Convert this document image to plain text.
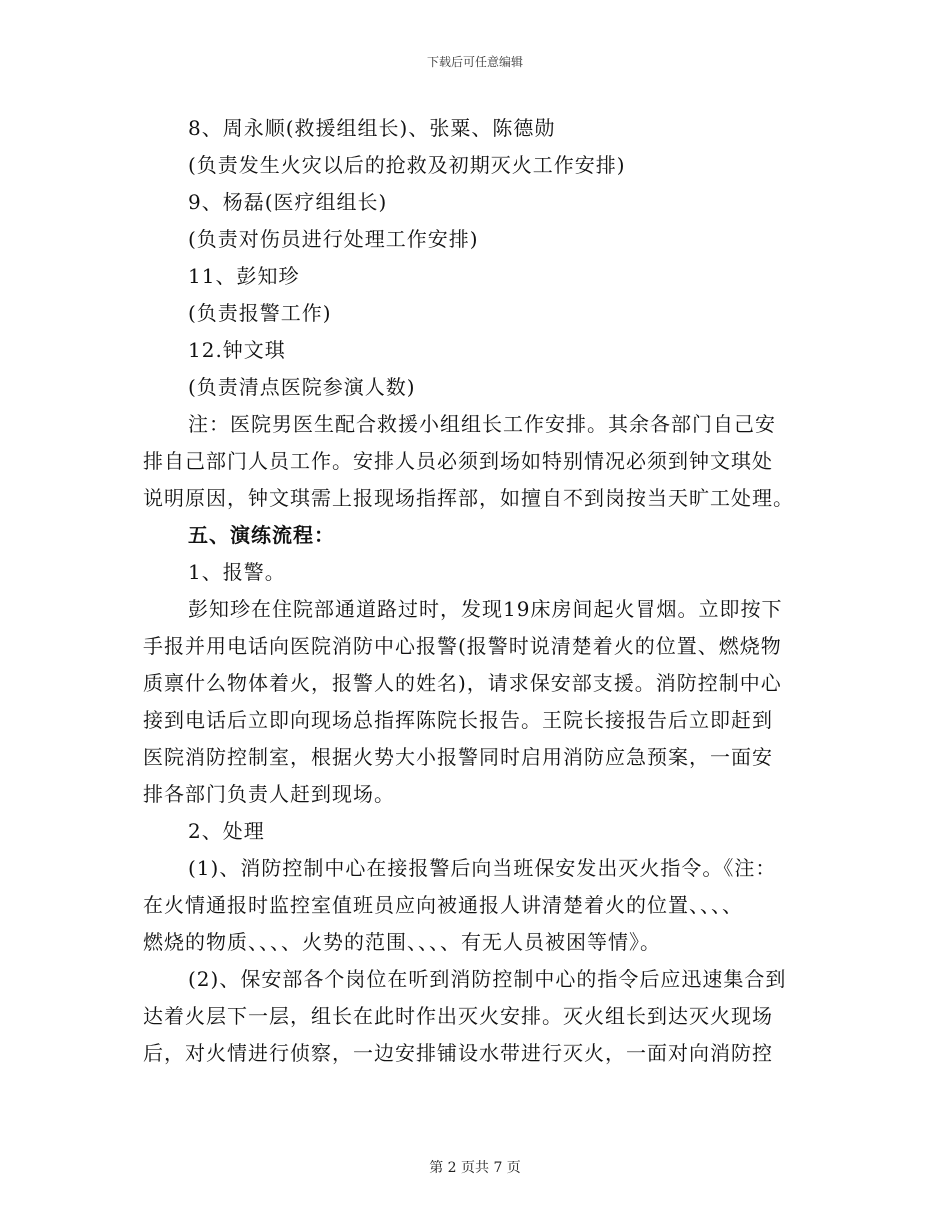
下载后可任意编辑
8、周永顺(救援组组长)、张粟、陈德勋
(负责发生火灾以后的抢救及初期灭火工作安排)
9、杨磊(医疗组组长)
(负责对伤员进行处理工作安排)
11、彭知珍
(负责报警工作)
12.钟文琪
(负责清点医院参演人数)
注：医院男医生配合救援小组组长工作安排。其余各部门自己安
排自己部门人员工作。安排人员必须到场如特别情况必须到钟文琪处
说明原因，钟文琪需上报现场指挥部，如擅自不到岗按当天旷工处理。
五、演练流程：
1、报警。
彭知珍在住院部通道路过时，发现19床房间起火冒烟。立即按下
手报并用电话向医院消防中心报警(报警时说清楚着火的位置、燃烧物
质禀什么物体着火，报警人的姓名)，请求保安部支援。消防控制中心
接到电话后立即向现场总指挥陈院长报告。王院长接报告后立即赶到
医院消防控制室，根据火势大小报警同时启用消防应急预案，一面安
排各部门负责人赶到现场。
2、处理
(1)、消防控制中心在接报警后向当班保安发出灭火指令。《注：
在火情通报时监控室值班员应向被通报人讲清楚着火的位置、、、、
燃烧的物质、、、、火势的范围、、、、有无人员被困等情》。
(2)、保安部各个岗位在听到消防控制中心的指令后应迅速集合到
达着火层下一层，组长在此时作出灭火安排。灭火组长到达灭火现场
后，对火情进行侦察，一边安排铺设水带进行灭火，一面对向消防控
第 2 页共 7 页
